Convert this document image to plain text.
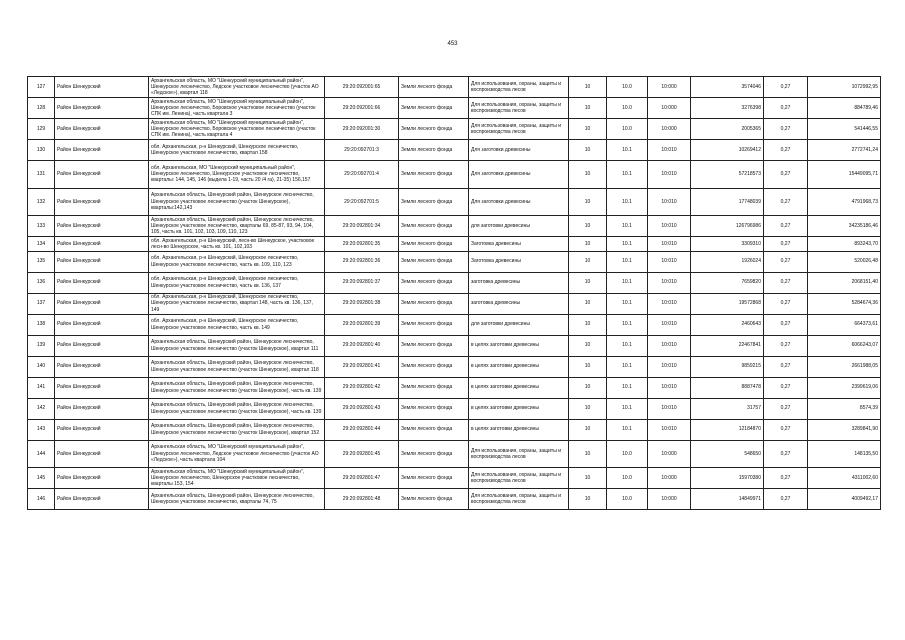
453
127	Район Шенкурский	Архангельская область, МО "Шенкурский муниципальный район", Шенкурское лесничество, Ледское участковое лесничество (участок АО «Ледское»), квартал 118	29:20:092001:65	Земли лесного фонда	Для использования, охраны, защиты и воспроизводства лесов	10	10.0	10:000	3574046	0,27	1072992,95
128	Район Шенкурский	Архангельская область, МО "Шенкурский муниципальный район", Шенкурское лесничество, Боровское участковое лесничество (участок СПК им. Ленина), часть квартала 3	29:20:092001:66	Земли лесного фонда	Для использования, охраны, защиты и воспроизводства лесов	10	10.0	10:000	3276398	0,27	884789,46
129	Район Шенкурский	Архангельская область, МО "Шенкурский муниципальный район", Шенкурское лесничество, Боровское участковое лесничество (участок СПК им. Ленина), часть квартала 4	29:20:092001:30	Земли лесного фонда	Для использования, охраны, защиты и воспроизводства лесов	10	10.0	10:000	2005365	0,27	541446,55
130	Район Шенкурский	обл. Архангельская, р-н Шенкурский, Шенкурское лесничество, Шенкурское участковое лесничество, квартал 158	29:20:092701:3	Земли лесного фонда	Для заготовки древесины	10	10.1	10:010	10269412	0,27	2772741,24
131	Район Шенкурский	обл. Архангельская, МО "Шенкурский муниципальный район", Шенкурское лесничество, Шенкурское участковое лесничество, кварталы: 144, 145, 146 (выдела 1-19, часть 20 /4 га), 21-35) 156,157	29:20:092701:4	Земли лесного фонда	Для заготовки древесины	10	10.1	10:010	57218573	0,27	15449095,71
132	Район Шенкурский	Архангельская область, Шенкурский район, Шенкурское лесничество, Шенкурское участковое лесничество (участок Шенкурское), кварталы:142,143	29:20:092701:5	Земли лесного фонда	Для заготовки древесины	10	10.1	10:010	17748039	0,27	4791968,73
133	Район Шенкурский	Архангельская область, Шенкурский район, Шенкурское лесничество, Шенкурское участковое лесничество, кварталы 69, 85-87, 93, 94, 104, 105, часть кв. 101, 102, 103, 109, 110, 123	29:20:092801:34	Земли лесного фонда	для заготовки древесины	10	10.1	10:010	126796986	0,27	34235186,46
134	Район Шенкурский	обл. Архангельская, р-н Шенкурский, лесн-во Шенкурское, участковое лесн-во Шенкурское, часть кв. 101, 102,103	29:20:092801:35	Земли лесного фонда	Заготовка древесины	10	10.1	10:010	3309310	0,27	893243,70
135	Район Шенкурский	обл. Архангельская, р-н Шенкурский, Шенкурское лесничество, Шенкурское участковое лесничество, часть кв. 109, 110, 123	29:20:092801:36	Земли лесного фонда	Заготовка древесины	10	10.1	10:010	1926024	0,27	520026,48
136	Район Шенкурский	обл. Архангельская, р-н Шенкурский, Шенкурское лесничество, Шенкурское участковое лесничество, часть кв. 136, 137	29:20:092801:37	Земли лесного фонда	заготовка древесины	10	10.1	10:010	7659820	0,27	2068151,40
137	Район Шенкурский	обл. Архангельская, р-н Шенкурский, Шенкурское лесничество, Шенкурское участковое лесничество, квартал 148, часть кв. 136, 137, 149	29:20:092801:38	Земли лесного фонда	заготовка древесины	10	10.1	10:010	19572868	0,27	5284674,36
138	Район Шенкурский	обл. Архангельская, р-н Шенкурский, Шенкурское лесничество, Шенкурское участковое лесничество, часть кв. 149	29:20:092801:39	Земли лесного фонда	для заготовки древесины	10	10.1	10:010	2460643	0,27	664373,61
139	Район Шенкурский	Архангельская область, Шенкурский район, Шенкурское лесничество, Шенкурское участковое лесничество (участок Шенкурское), квартал 111	29:20:092801:40	Земли лесного фонда	в целях заготовки древесины	10	10.1	10:010	22467841	0,27	6066243,07
140	Район Шенкурский	Архангельская область, Шенкурский район, Шенкурское лесничество, Шенкурское участковое лесничество (участок Шенкурское), квартал 118	29:20:092801:41	Земли лесного фонда	в целях заготовки древесины	10	10.1	10:010	9859215	0,27	2661988,05
141	Район Шенкурский	Архангельская область, Шенкурский район, Шенкурское лесничество, Шенкурское участковое лесничество (участок Шенкурское), часть кв. 139	29:20:092801:42	Земли лесного фонда	в целях заготовки древесины	10	10.1	10:010	8887478	0,27	2399619,06
142	Район Шенкурский	Архангельская область, Шенкурский район, Шенкурское лесничество, Шенкурское участковое лесничество (участок Шенкурское), часть кв. 139	29:20:092801:43	Земли лесного фонда	в целях заготовки древесины	10	10.1	10:010	31757	0,27	8574,39
143	Район Шенкурский	Архангельская область, Шенкурский район, Шенкурское лесничество, Шенкурское участковое лесничество (участок Шенкурское), квартал 152	29:20:092801:44	Земли лесного фонда	в целях заготовки древесины	10	10.1	10:010	12184870	0,27	3289841,90
144	Район Шенкурский	Архангельская область, МО "Шенкурский муниципальный район", Шенкурское лесничество, Ледское участковое лесничество (участок АО «Ледское»), часть квартала 104	29:20:092801:45	Земли лесного фонда	Для использования, охраны, защиты и воспроизводства лесов	10	10.0	10:000	548650	0,27	148135,50
145	Район Шенкурский	Архангельская область, МО "Шенкурский муниципальный район", Шенкурское лесничество, Шенкурское участковое лесничество, кварталы 153, 154	29:20:092801:47	Земли лесного фонда	Для использования, охраны, защиты и воспроизводства лесов	10	10.0	10:000	15970380	0,27	4311002,60
146	Район Шенкурский	Архангельская область, Шенкурский район, Шенкурское лесничество, Шенкурское участковое лесничество, кварталы 74, 75	29:20:092801:48	Земли лесного фонда	Для использования, охраны, защиты и воспроизводства лесов	10	10.0	10:000	14849971	0,27	4009492,17
